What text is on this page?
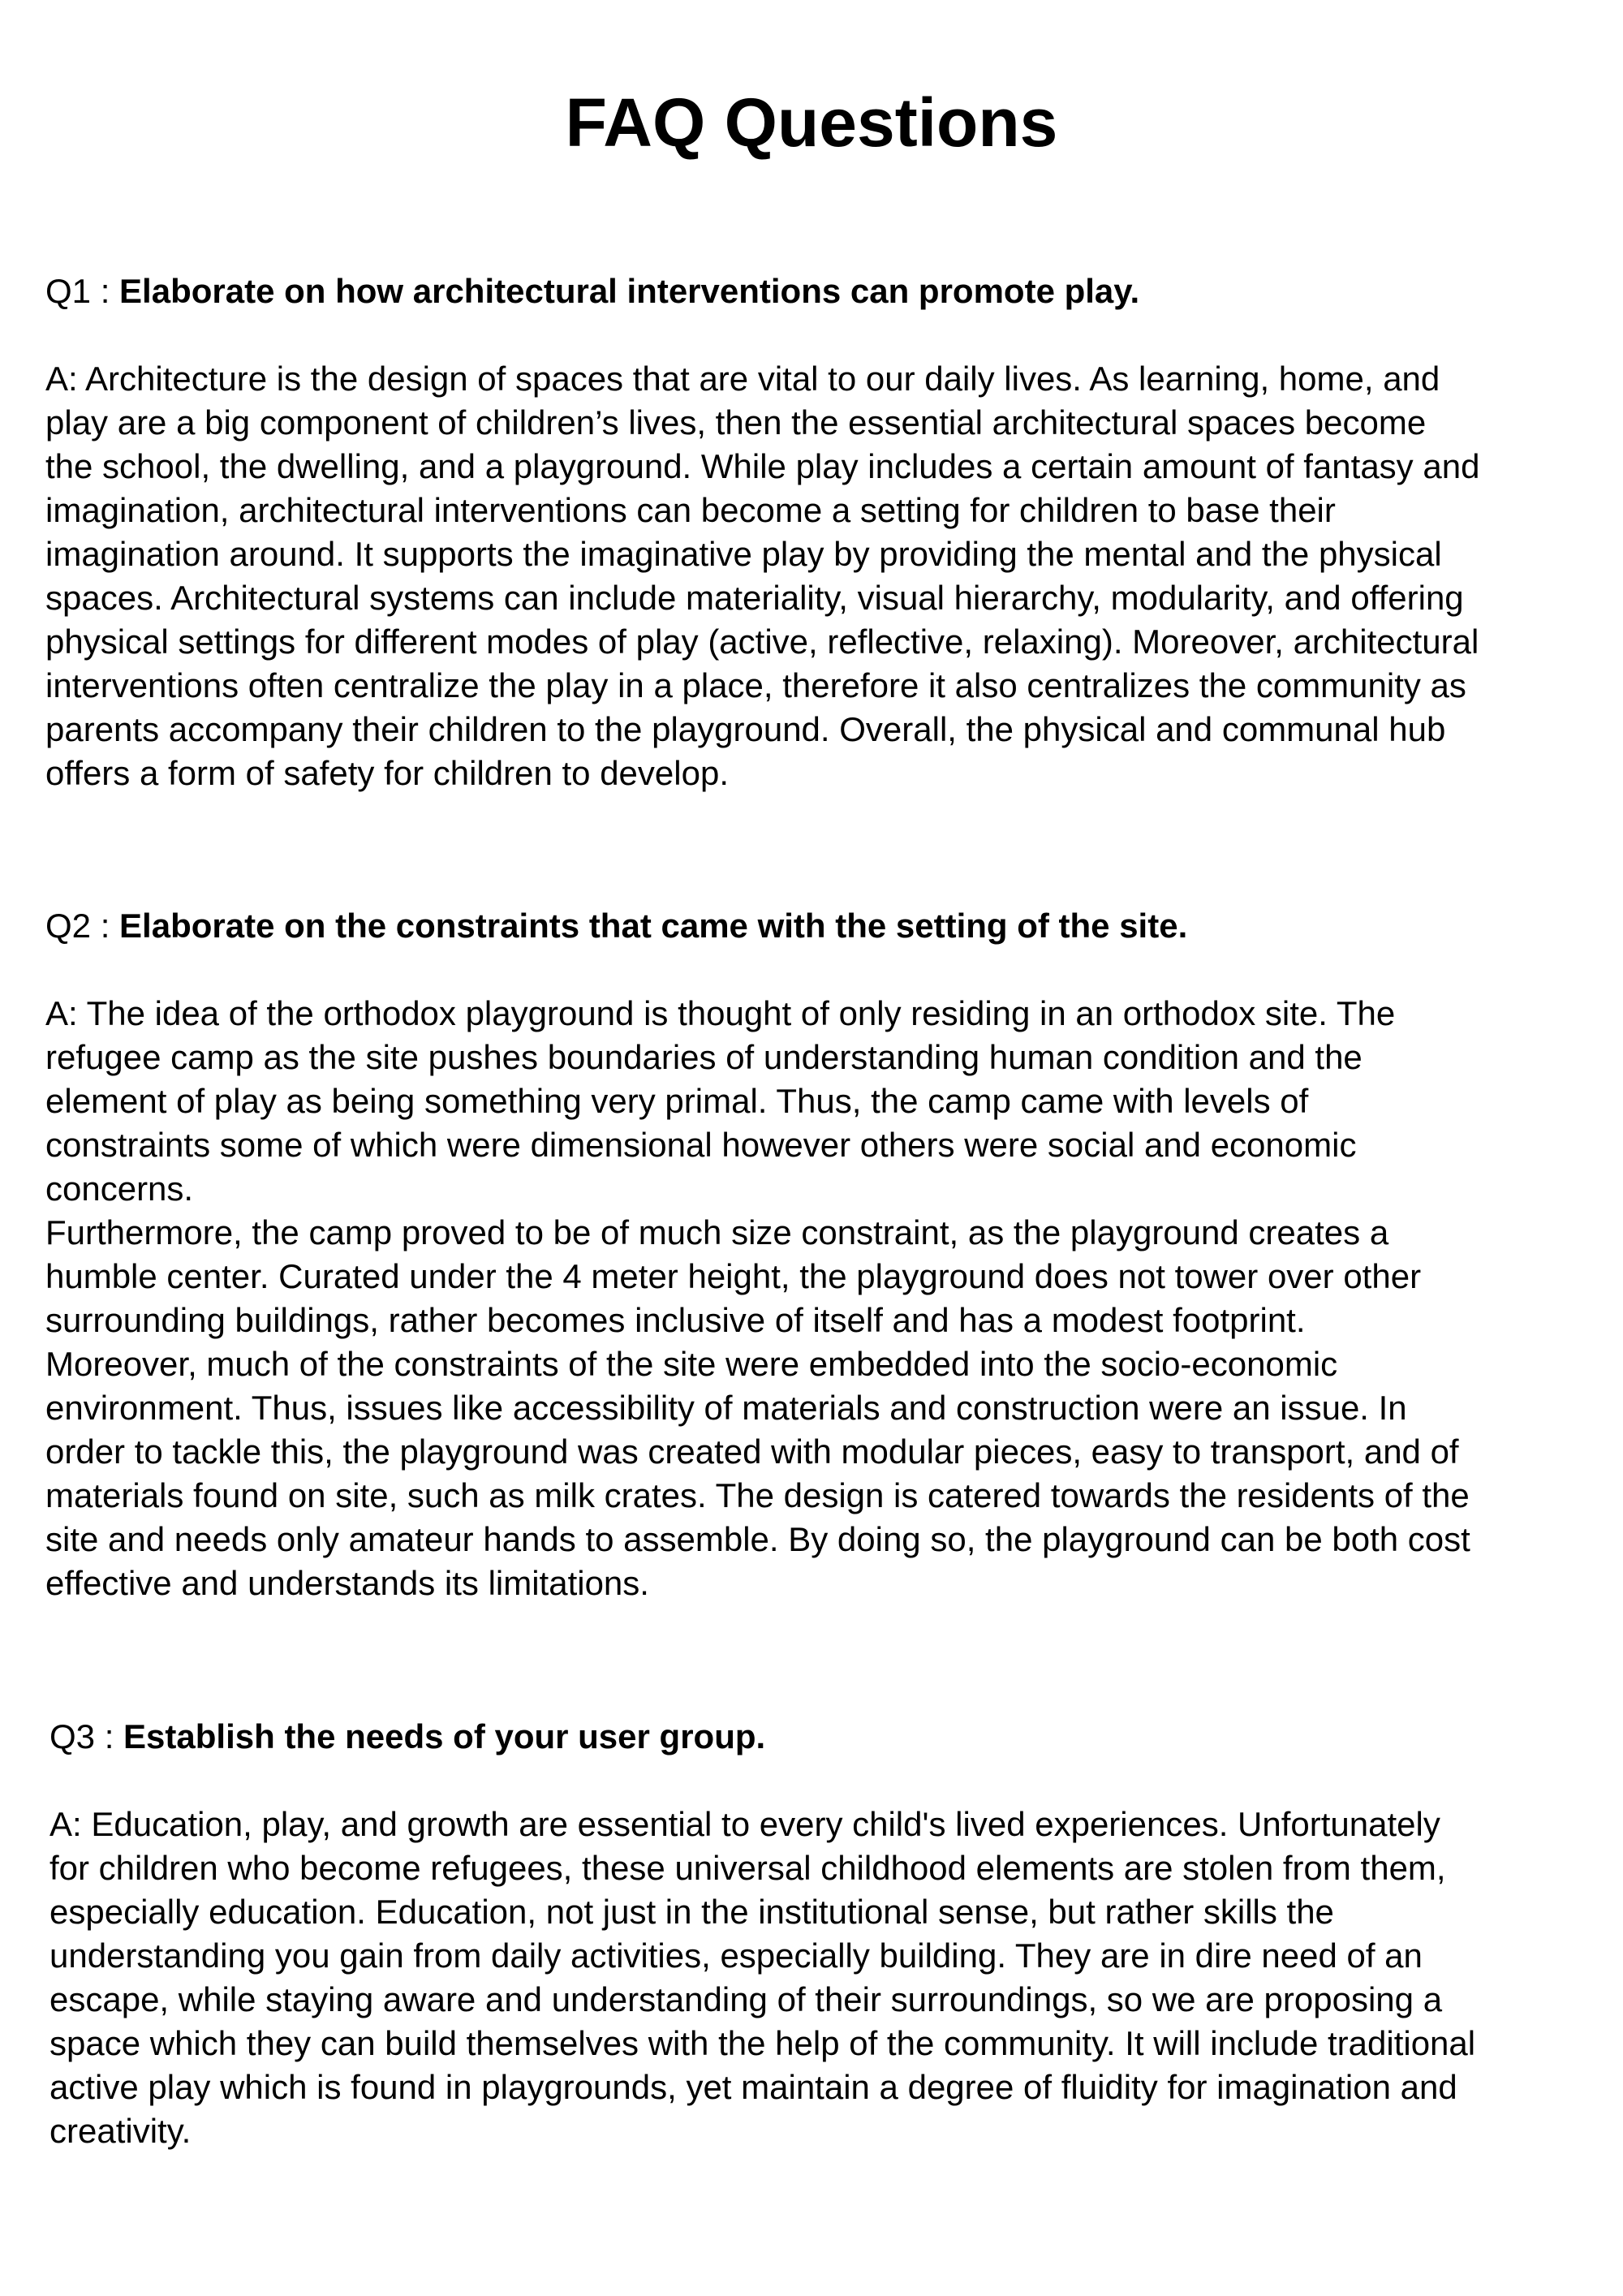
FAQ Questions

Q1 : Elaborate on how architectural interventions can promote play.

A: Architecture is the design of spaces that are vital to our daily lives. As learning, home, and
play are a big component of children’s lives, then the essential architectural spaces become
the school, the dwelling, and a playground. While play includes a certain amount of fantasy and
imagination, architectural interventions can become a setting for children to base their
imagination around. It supports the imaginative play by providing the mental and the physical
spaces. Architectural systems can include materiality, visual hierarchy, modularity, and offering
physical settings for different modes of play (active, reflective, relaxing). Moreover, architectural
interventions often centralize the play in a place, therefore it also centralizes the community as
parents accompany their children to the playground. Overall, the physical and communal hub
offers a form of safety for children to develop.

Q2 : Elaborate on the constraints that came with the setting of the site.

A: The idea of the orthodox playground is thought of only residing in an orthodox site. The
refugee camp as the site pushes boundaries of understanding human condition and the
element of play as being something very primal. Thus, the camp came with levels of
constraints some of which were dimensional however others were social and economic
concerns.
Furthermore, the camp proved to be of much size constraint, as the playground creates a
humble center. Curated under the 4 meter height, the playground does not tower over other
surrounding buildings, rather becomes inclusive of itself and has a modest footprint.
Moreover, much of the constraints of the site were embedded into the socio-economic
environment. Thus, issues like accessibility of materials and construction were an issue. In
order to tackle this, the playground was created with modular pieces, easy to transport, and of
materials found on site, such as milk crates. The design is catered towards the residents of the
site and needs only amateur hands to assemble. By doing so, the playground can be both cost
effective and understands its limitations.

Q3 : Establish the needs of your user group.

A: Education, play, and growth are essential to every child's lived experiences. Unfortunately
for children who become refugees, these universal childhood elements are stolen from them,
especially education. Education, not just in the institutional sense, but rather skills the
understanding you gain from daily activities, especially building. They are in dire need of an
escape, while staying aware and understanding of their surroundings, so we are proposing a
space which they can build themselves with the help of the community. It will include traditional
active play which is found in playgrounds, yet maintain a degree of fluidity for imagination and
creativity.
